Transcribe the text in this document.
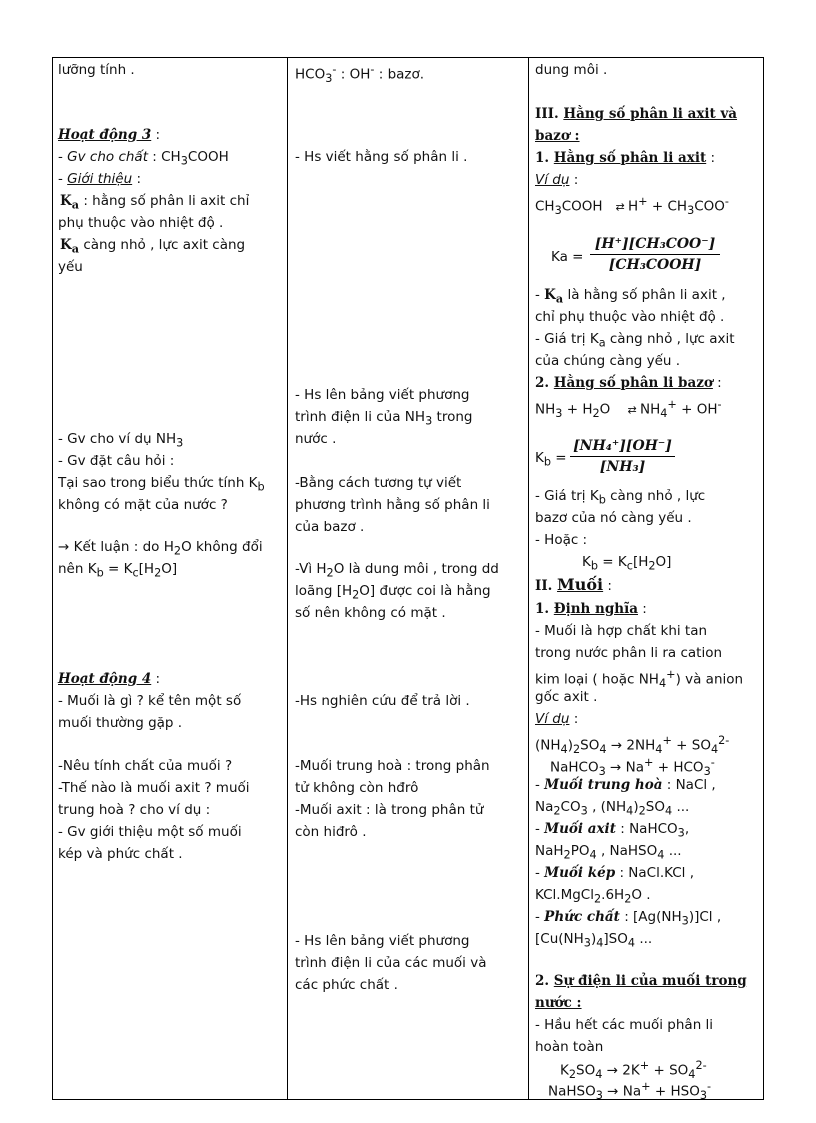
lưỡng tính .
Hoạt động 3 :
- Gv cho chất : $CH_3COOH$
- Giới thiệu :
$K_a$ : hằng số phân li axit chỉ
phụ thuộc vào nhiệt độ .
$K_a$ càng nhỏ , lực axit càng
yếu
- Gv cho ví dụ $NH_3$
- Gv đặt câu hỏi :
Tại sao trong biểu thức tính $K_b$
không có mặt của nước ?
→ Kết luận : do $H_2O$ không đổi
nên $K_b = K_c[H_2O]$
Hoạt động 4 :
- Muối là gì ? kể tên một số
muối thường gặp .
-Nêu tính chất của muối ?
-Thế nào là muối axit ? muối
trung hoà ? cho ví dụ :
- Gv giới thiệu một số muối
kép và phức chất .
$HCO_3^-$ : OH- : bazơ.
- Hs viết hằng số phân li .
- Hs lên bảng viết phương
trình điện li của $NH_3$ trong
nước .
-Bằng cách tương tự viết
phương trình hằng số phân li
của bazơ .
-Vì $H_2O$ là dung môi , trong dd
loãng $[H_2O]$ được coi là hằng
số nên không có mặt .
-Hs nghiên cứu để trả lời .
-Muối trung hoà : trong phân
tử không còn hđrô
-Muối axit : là trong phân tử
còn hiđrô .
- Hs lên bảng viết phương
trình điện li của các muối và
các phức chất .
dung môi .
III. Hằng số phân li axit và
bazơ :
1. Hằng số phân li axit :
Ví dụ :
$CH_3COOH$ ⇄ $H^+ + CH_3COO^-$
Ka =
[H⁺][CH₃COO⁻]
[CH₃COOH]
- $K_a$ là hằng số phân li axit ,
chỉ phụ thuộc vào nhiệt độ .
- Giá trị $K_a$ càng nhỏ , lực axit
của chúng càng yếu .
2. Hằng số phân li bazơ :
$NH_3 + H_2O$ ⇄ $NH_4^+ + OH^-$
$K_b = \frac{\text{[NH₄⁺][OH⁻]}}{\text{[NH₃]}}$
- Giá trị $K_b$ càng nhỏ , lực
bazơ của nó càng yếu .
- Hoặc :
$K_b = K_c[H_2O]$
II. Muối :
1. Định nghĩa :
- Muối là hợp chất khi tan
trong nước phân li ra cation
kim loại ( hoặc $NH_4^+$) và anion
gốc axit .
Ví dụ :
$(NH_4)_2SO_4 \to 2NH_4^+ + SO_4^{2-}$
NaHCO$_3$ → $Na^+ + HCO_3^-$
- Muối trung hoà : NaCl ,
$Na_2CO_3$ , $(NH_4)_2SO_4$ ...
- Muối axit : NaHCO$_3$,
$NaH_2PO_4$ , NaHSO$_4$ ...
- Muối kép : NaCl.KCl ,
$KCl.MgCl_2.6H_2O$ .
- Phức chất : $[Ag(NH_3)]Cl$ ,
$[Cu(NH_3)_4]SO_4$ ...
2. Sự điện li của muối trong
nước :
- Hầu hết các muối phân li
hoàn toàn
$K_2SO_4 \to 2K^+ + SO_4^{2-}$
NaHSO$_3$ → $Na^+ + HSO_3^-$
